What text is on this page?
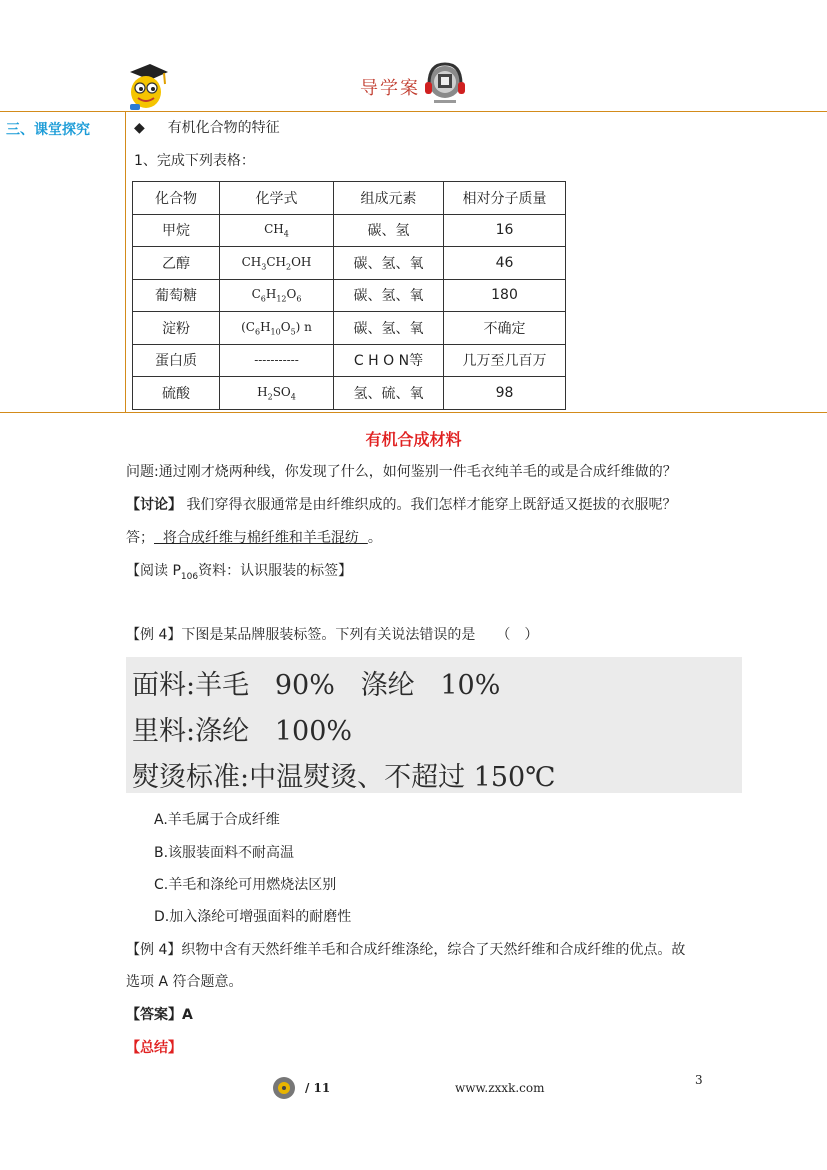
导学案
三、课堂探究	◆ 有机化合物的特征
1、完成下列表格：
化合物	化学式	组成元素	相对分子质量
甲烷	$CH_4$	碳、氢	16
乙醇	$CH_3CH_2OH$	碳、氢、氧	46
葡萄糖	$C_6H_{12}O_6$	碳、氢、氧	180
淀粉	$(C_6H_{10}O_5)$ n	碳、氢、氧	不确定
蛋白质	-----------	C H O N等	几万至几百万
硫酸	$H_2SO_4$	氢、硫、氧	98
有机合成材料
问题:通过刚才烧两种线，你发现了什么，如何鉴别一件毛衣纯羊毛的或是合成纤维做的？
【讨论】 我们穿得衣服通常是由纤维织成的。我们怎样才能穿上既舒适又挺拔的衣服呢？
答；  将合成纤维与棉纤维和羊毛混纺  。
【阅读 $P_{106}$资料：认识服装的标签】
【例 4】下图是某品牌服装标签。下列有关说法错误的是　　（　）
面料:羊毛   90%   涤纶   10%
里料:涤纶   100%
熨烫标准:中温熨烫、不超过 150℃
A.羊毛属于合成纤维
B.该服装面料不耐高温
C.羊毛和涤纶可用燃烧法区别
D.加入涤纶可增强面料的耐磨性
【例 4】织物中含有天然纤维羊毛和合成纤维涤纶，综合了天然纤维和合成纤维的优点。故
选项 A 符合题意。
【答案】A
【总结】
/ 11	www.zxxk.com
3
